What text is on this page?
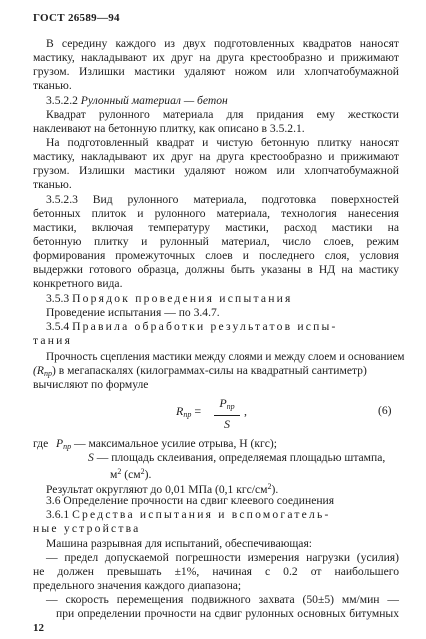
ГОСТ 26589—94
В середину каждого из двух подготовленных квадратов наносят
мастику, накладывают их друг на друга крестообразно и прижимают
грузом. Излишки мастики удаляют ножом или хлопчатобумажной
тканью.
3.5.2.2 Рулонный материал — бетон
Квадрат рулонного материала для придания ему жесткости
наклеивают на бетонную плитку, как описано в 3.5.2.1.
На подготовленный квадрат и чистую бетонную плитку наносят
мастику, накладывают их друг на друга крестообразно и прижимают
грузом. Излишки мастики удаляют ножом или хлопчатобумажной
тканью.
3.5.2.3 Вид рулонного материала, подготовка поверхностей
бетонных плиток и рулонного материала, технология нанесения
мастики, включая температуру мастики, расход мастики на
бетонную плитку и рулонный материал, число слоев, режим
формирования промежуточных слоев и последнего слоя, условия
выдержки готового образца, должны быть указаны в НД на мастику
конкретного вида.
3.5.3 Порядок проведения испытания
Проведение испытания — по 3.4.7.
3.5.4 Правила обработки результатов испы-
тания
Прочность сцепления мастики между слоями и между слоем и основанием
$(R_{пр})$ в мегапаскалях (килограммах-силы на квадратный сантиметр)
вычисляют по формуле
$R_{пр}$ =
$P_{пр}$
S
,	(6)
где $P_{пр}$ — максимальное усилие отрыва, Н (кгс);
S — площадь склеивания, определяемая площадью штампа,
$м^2$ $(см^2)$.
Результат округляют до 0,01 МПа (0,1 кгс/$см^2$).
3.6 Определение прочности на сдвиг клеевого соединения
3.6.1 Средства испытания и вспомогатель-
ные устройства
Машина разрывная для испытаний, обеспечивающая:
— предел допускаемой погрешности измерения нагрузки (усилия)
не должен превышать ±1%, начиная с 0.2 от наибольшего
предельного значения каждого диапазона;
— скорость перемещения подвижного захвата (50±5) мм/мин —
при определении прочности на сдвиг рулонных основных битумных
12
